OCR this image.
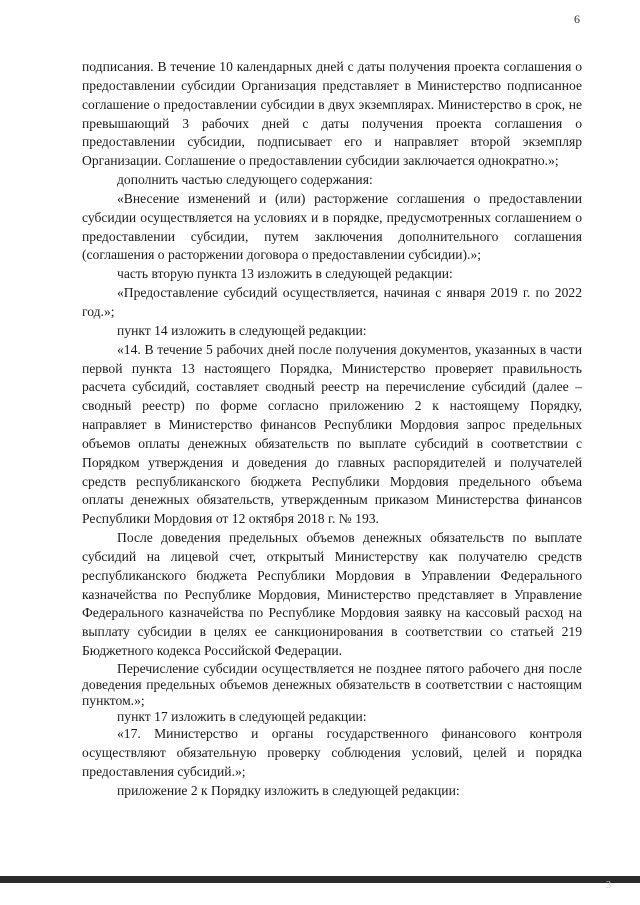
6

подписания. В течение 10 календарных дней с даты получения проекта соглашения о предоставлении субсидии Организация представляет в Министерство подписанное соглашение о предоставлении субсидии в двух экземплярах. Министерство в срок, не превышающий 3 рабочих дней с даты получения проекта соглашения о предоставлении субсидии, подписывает его и направляет второй экземпляр Организации. Соглашение о предоставлении субсидии заключается однократно.»;

дополнить частью следующего содержания:

«Внесение изменений и (или) расторжение соглашения о предоставлении субсидии осуществляется на условиях и в порядке, предусмотренных соглашением о предоставлении субсидии, путем заключения дополнительного соглашения (соглашения о расторжении договора о предоставлении субсидии).»;

часть вторую пункта 13 изложить в следующей редакции:

«Предоставление субсидий осуществляется, начиная с января 2019 г. по 2022 год.»;

пункт 14 изложить в следующей редакции:

«14. В течение 5 рабочих дней после получения документов, указанных в части первой пункта 13 настоящего Порядка, Министерство проверяет правильность расчета субсидий, составляет сводный реестр на перечисление субсидий (далее – сводный реестр) по форме согласно приложению 2 к настоящему Порядку, направляет в Министерство финансов Республики Мордовия запрос предельных объемов оплаты денежных обязательств по выплате субсидий в соответствии с Порядком утверждения и доведения до главных распорядителей и получателей средств республиканского бюджета Республики Мордовия предельного объема оплаты денежных обязательств, утвержденным приказом Министерства финансов Республики Мордовия от 12 октября 2018 г. № 193.

После доведения предельных объемов денежных обязательств по выплате субсидий на лицевой счет, открытый Министерству как получателю средств республиканского бюджета Республики Мордовия в Управлении Федерального казначейства по Республике Мордовия, Министерство представляет в Управление Федерального казначейства по Республике Мордовия заявку на кассовый расход на выплату субсидии в целях ее санкционирования в соответствии со статьей 219 Бюджетного кодекса Российской Федерации.

Перечисление субсидии осуществляется не позднее пятого рабочего дня после доведения предельных объемов денежных обязательств в соответствии с настоящим пунктом.»;

пункт 17 изложить в следующей редакции:

«17. Министерство и органы государственного финансового контроля осуществляют обязательную проверку соблюдения условий, целей и порядка предоставления субсидий.»;

приложение 2 к Порядку изложить в следующей редакции:

3
